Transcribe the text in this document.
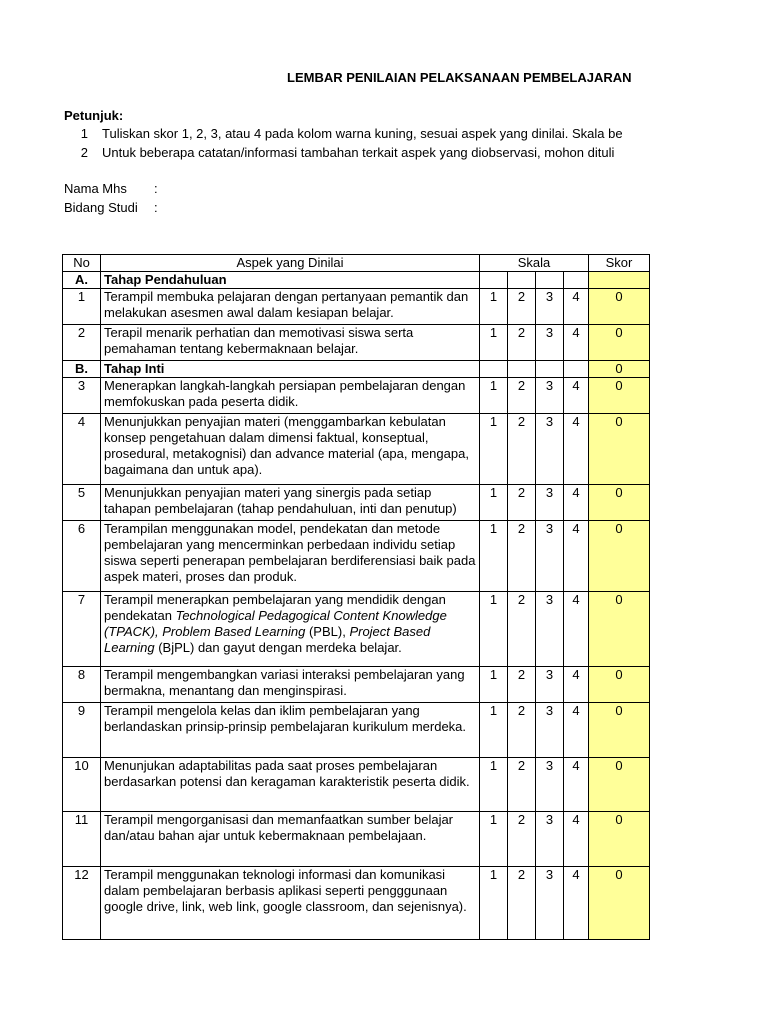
LEMBAR PENILAIAN PELAKSANAAN PEMBELAJARAN
Petunjuk:
1 Tuliskan skor 1, 2, 3, atau 4 pada kolom warna kuning, sesuai aspek yang dinilai. Skala be
2 Untuk beberapa catatan/informasi tambahan terkait aspek yang diobservasi, mohon dituli
Nama Mhs :
Bidang Studi :
No	Aspek yang Dinilai	Skala				Skor
A.	Tahap Pendahuluan					
1	Terampil membuka pelajaran dengan pertanyaan pemantik dan melakukan asesmen awal dalam kesiapan belajar.	1	2	3	4	0
2	Terapil menarik perhatian dan memotivasi siswa serta pemahaman tentang kebermaknaan belajar.	1	2	3	4	0
B.	Tahap Inti					0
3	Menerapkan langkah-langkah persiapan pembelajaran dengan memfokuskan pada peserta didik.	1	2	3	4	0
4	Menunjukkan penyajian materi (menggambarkan kebulatan konsep pengetahuan dalam dimensi faktual, konseptual, prosedural, metakognisi) dan advance material (apa, mengapa, bagaimana dan untuk apa).	1	2	3	4	0
5	Menunjukkan penyajian materi yang sinergis pada setiap tahapan pembelajaran (tahap pendahuluan, inti dan penutup)	1	2	3	4	0
6	Terampilan menggunakan model, pendekatan dan metode pembelajaran yang mencerminkan perbedaan individu setiap siswa seperti penerapan pembelajaran berdiferensiasi baik pada aspek materi, proses dan produk.	1	2	3	4	0
7	Terampil menerapkan pembelajaran yang mendidik dengan pendekatan Technological Pedagogical Content Knowledge (TPACK), Problem Based Learning (PBL), Project Based Learning (BjPL) dan gayut dengan merdeka belajar.	1	2	3	4	0
8	Terampil mengembangkan variasi interaksi pembelajaran yang bermakna, menantang dan menginspirasi.	1	2	3	4	0
9	Terampil mengelola kelas dan iklim pembelajaran yang berlandaskan prinsip-prinsip pembelajaran kurikulum merdeka.	1	2	3	4	0
10	Menunjukan adaptabilitas pada saat proses pembelajaran berdasarkan potensi dan keragaman karakteristik peserta didik.	1	2	3	4	0
11	Terampil mengorganisasi dan memanfaatkan sumber belajar dan/atau bahan ajar untuk kebermaknaan pembelajaan.	1	2	3	4	0
12	Terampil menggunakan teknologi informasi dan komunikasi dalam pembelajaran berbasis aplikasi seperti pengggunaan google drive, link, web link, google classroom, dan sejenisnya).	1	2	3	4	0
